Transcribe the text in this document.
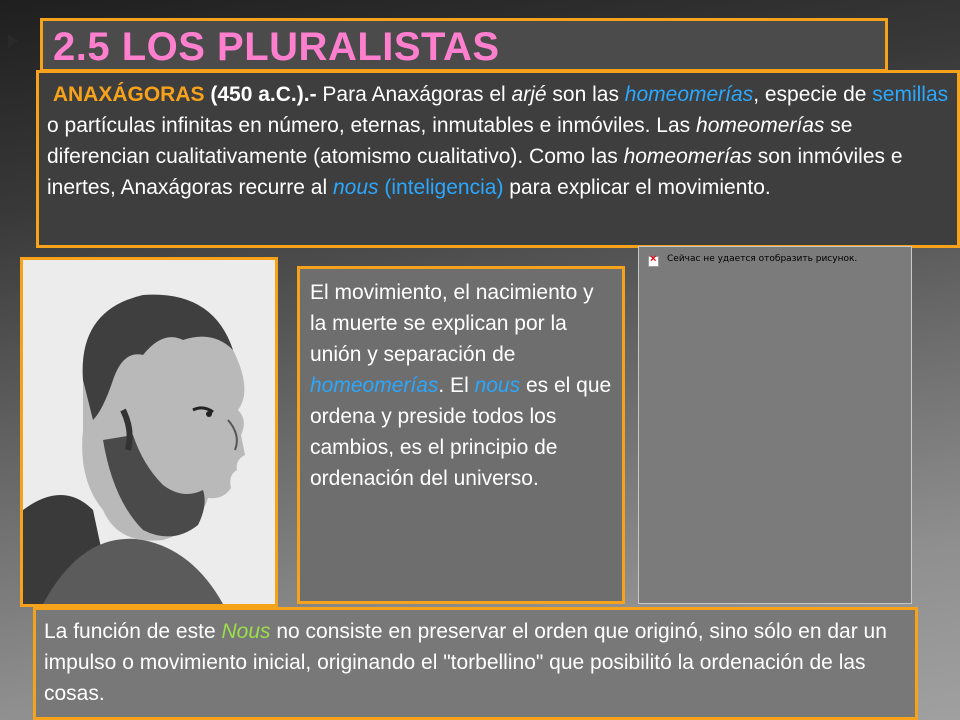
2.5 LOS PLURALISTAS
ANAXÁGORAS (450 a.C.).- Para Anaxágoras el arjé son las homeomerías, especie de semillas o partículas infinitas en número, eternas, inmutables e inmóviles. Las homeomerías se diferencian cualitativamente (atomismo cualitativo). Como las homeomerías son inmóviles e inertes, Anaxágoras recurre al nous (inteligencia) para explicar el movimiento.
El movimiento, el nacimiento y la muerte se explican por la unión y separación de homeomerías. El nous es el que ordena y preside todos los cambios, es el principio de ordenación del universo.
×
Сейчас не удается отобразить рисунок.
La función de este Nous no consiste en preservar el orden que originó, sino sólo en dar un impulso o movimiento inicial, originando el "torbellino" que posibilitó la ordenación de las cosas.
